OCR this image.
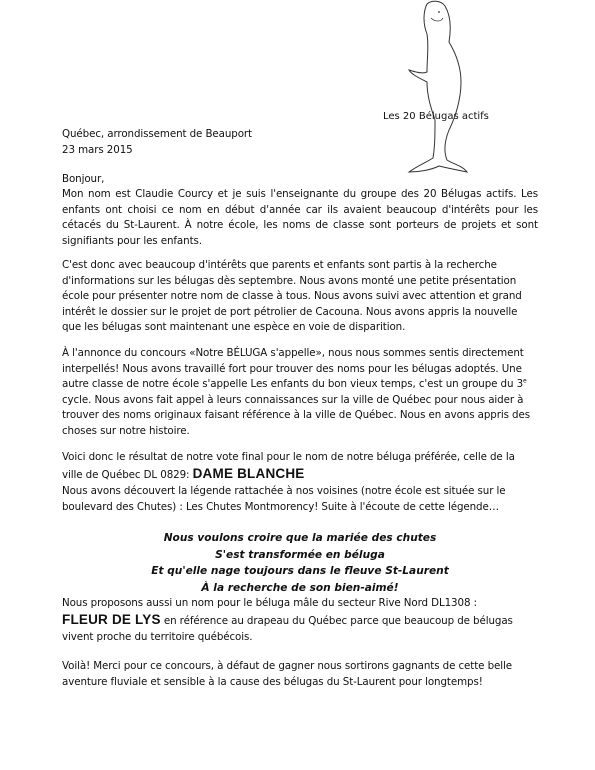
Les 20 Bélugas actifs

Québec, arrondissement de Beauport

23 mars 2015

Bonjour,
Mon nom est Claudie Courcy et je suis l'enseignante du groupe des 20 Bélugas actifs. Les enfants ont choisi ce nom en début d'année car ils avaient beaucoup d'intérêts pour les cétacés du St-Laurent. À notre école, les noms de classe sont porteurs de projets et sont signifiants pour les enfants.
C'est donc avec beaucoup d'intérêts que parents et enfants sont partis à la recherche d'informations sur les bélugas dès septembre. Nous avons monté une petite présentation école pour présenter notre nom de classe à tous. Nous avons suivi avec attention et grand intérêt le dossier sur le projet de port pétrolier de Cacouna. Nous avons appris la nouvelle que les bélugas sont maintenant une espèce en voie de disparition.
À l'annonce du concours «Notre BÉLUGA s'appelle», nous nous sommes sentis directement interpellés! Nous avons travaillé fort pour trouver des noms pour les bélugas adoptés. Une autre classe de notre école s'appelle Les enfants du bon vieux temps, c'est un groupe du 3e cycle. Nous avons fait appel à leurs connaissances sur la ville de Québec pour nous aider à trouver des noms originaux faisant référence à la ville de Québec. Nous en avons appris des choses sur notre histoire.
Voici donc le résultat de notre vote final pour le nom de notre béluga préférée, celle de la ville de Québec DL 0829: DAME BLANCHE
Nous avons découvert la légende rattachée à nos voisines (notre école est située sur le boulevard des Chutes) : Les Chutes Montmorency! Suite à l'écoute de cette légende…
Nous voulons croire que la mariée des chutes
S'est transformée en béluga
Et qu'elle nage toujours dans le fleuve St-Laurent
À la recherche de son bien-aimé!
Nous proposons aussi un nom pour le béluga mâle du secteur Rive Nord DL1308 :
FLEUR DE LYS en référence au drapeau du Québec parce que beaucoup de bélugas vivent proche du territoire québécois.
Voilà! Merci pour ce concours, à défaut de gagner nous sortirons gagnants de cette belle aventure fluviale et sensible à la cause des bélugas du St-Laurent pour longtemps!
